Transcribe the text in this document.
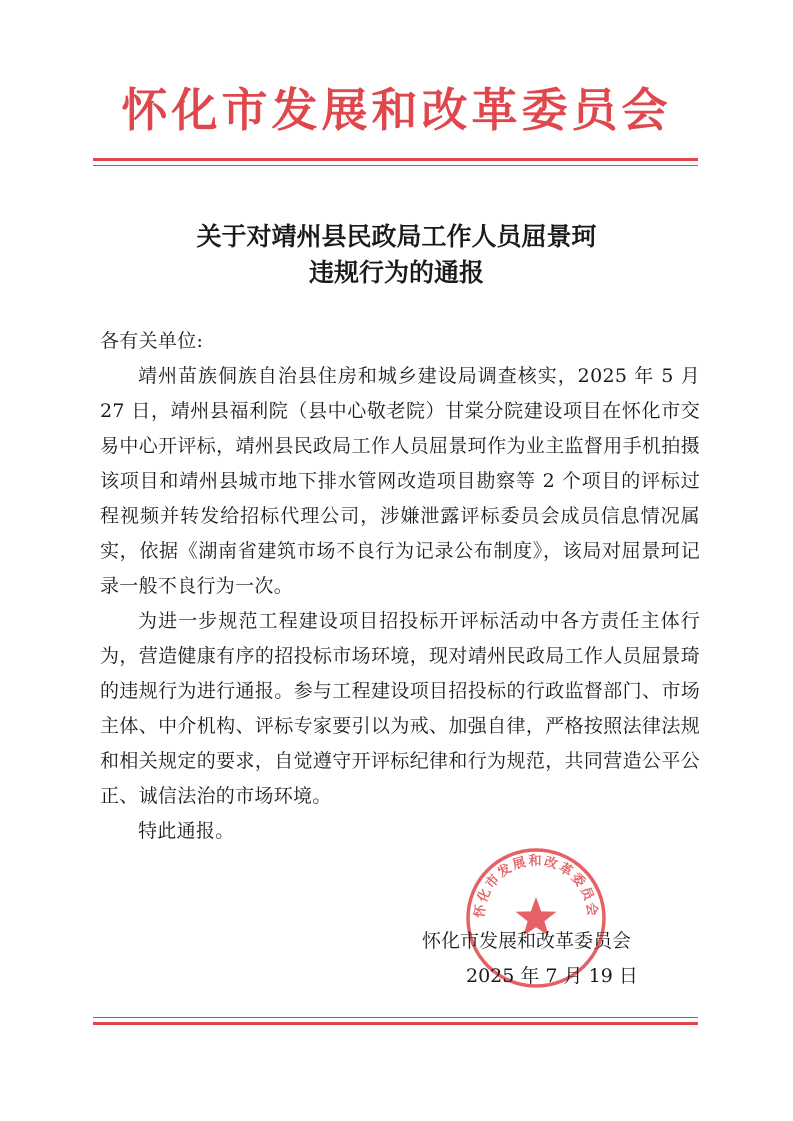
怀化市发展和改革委员会
关于对靖州县民政局工作人员屈景珂
违规行为的通报

各有关单位:

靖州苗族侗族自治县住房和城乡建设局调查核实，2025 年 5 月 27 日，靖州县福利院（县中心敬老院）甘棠分院建设项目在怀化市交易中心开评标，靖州县民政局工作人员屈景珂作为业主监督用手机拍摄该项目和靖州县城市地下排水管网改造项目勘察等 2 个项目的评标过程视频并转发给招标代理公司，涉嫌泄露评标委员会成员信息情况属实，依据《湖南省建筑市场不良行为记录公布制度》，该局对屈景珂记录一般不良行为一次。

为进一步规范工程建设项目招投标开评标活动中各方责任主体行为，营造健康有序的招投标市场环境，现对靖州民政局工作人员屈景琦的违规行为进行通报。参与工程建设项目招投标的行政监督部门、市场主体、中介机构、评标专家要引以为戒、加强自律，严格按照法律法规和相关规定的要求，自觉遵守开评标纪律和行为规范，共同营造公平公正、诚信法治的市场环境。

特此通报。

怀化市发展和改革委员会
怀化市发展和改革委员会
2025 年 7 月 19 日
